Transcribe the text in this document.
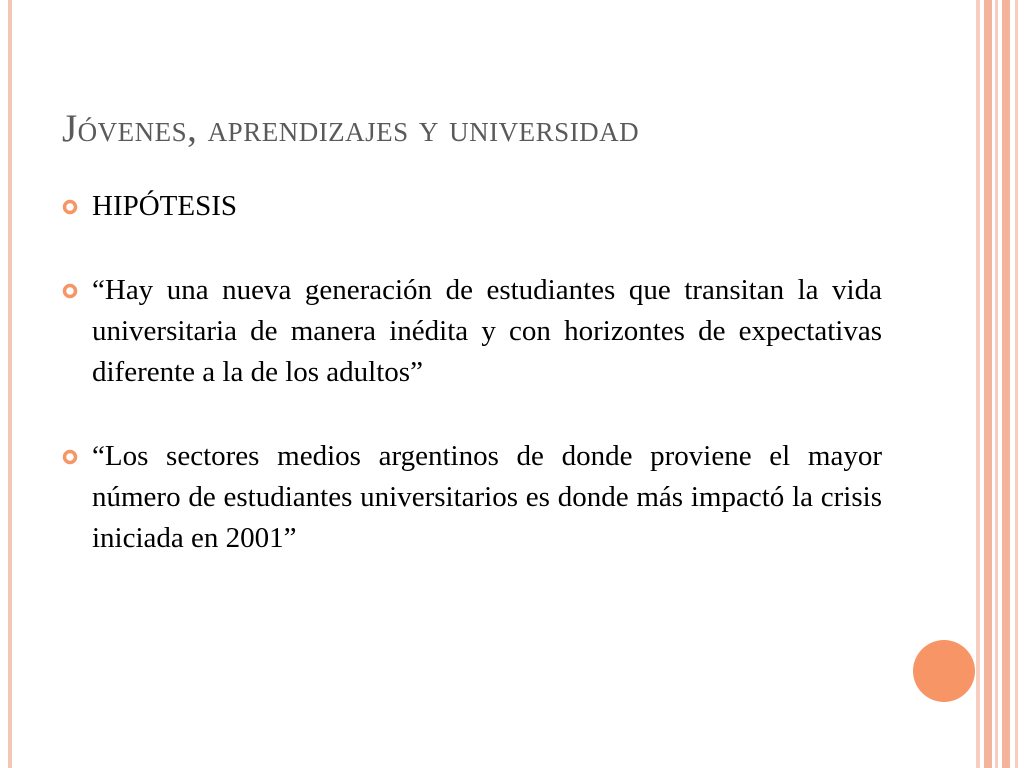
Jóvenes, aprendizajes y universidad
HIPÓTESIS
“Hay una nueva generación de estudiantes que transitan la vida universitaria de manera inédita y con horizontes de expectativas diferente a la de los adultos”
“Los sectores medios argentinos de donde proviene el mayor número de estudiantes universitarios es donde más impactó la crisis iniciada en 2001”
